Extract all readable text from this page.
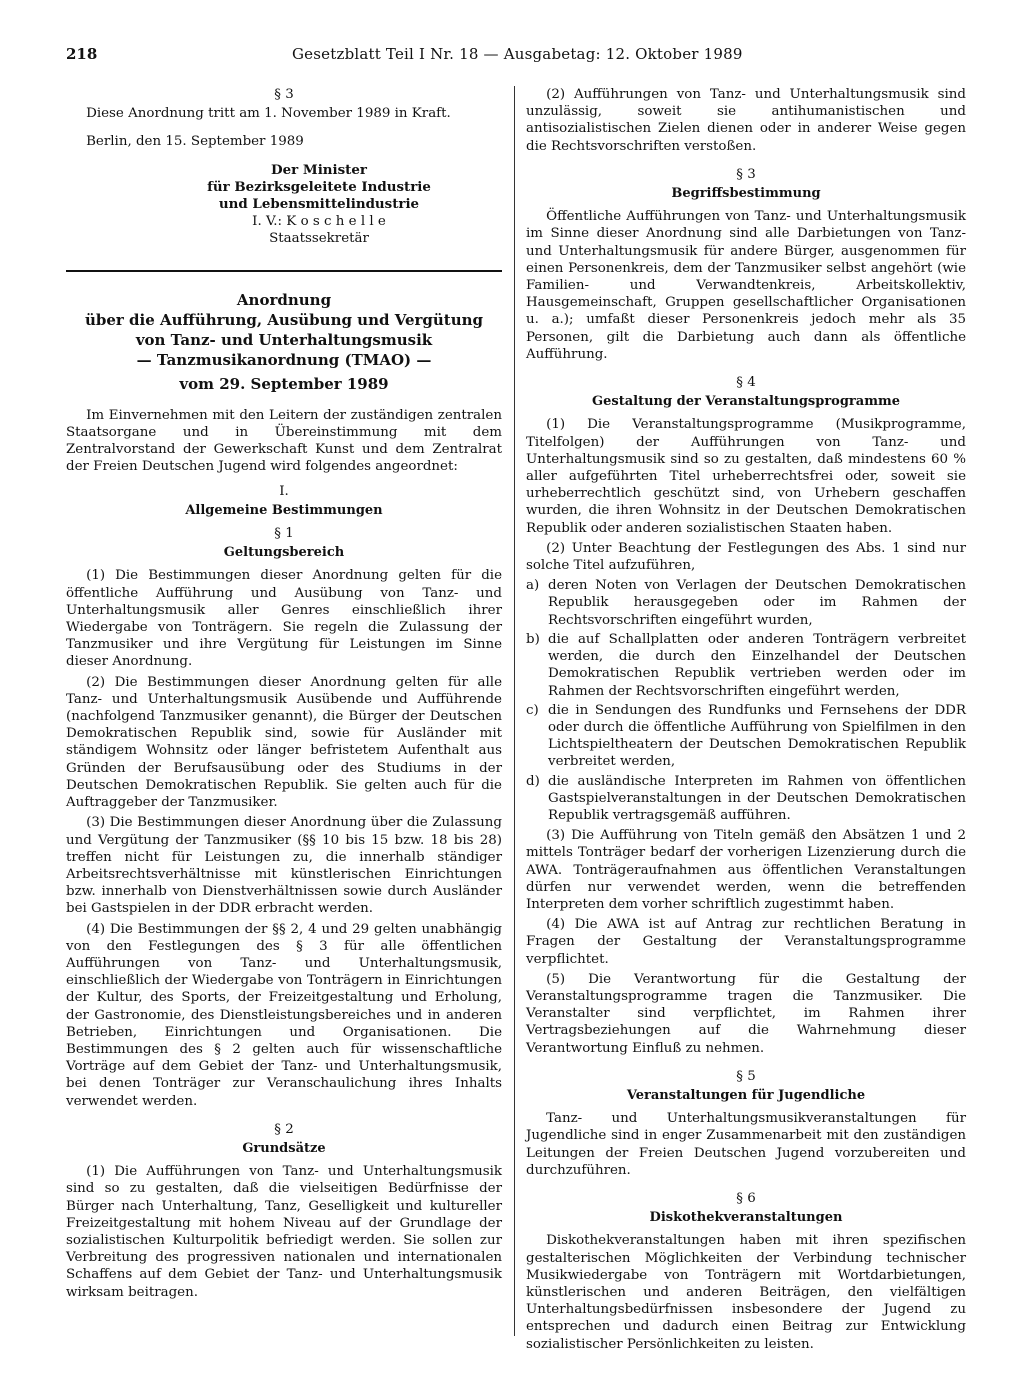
218	Gesetzblatt Teil I Nr. 18 — Ausgabetag: 12. Oktober 1989

§ 3

Diese Anordnung tritt am 1. November 1989 in Kraft.

Berlin, den 15. September 1989

Der Minister

für Bezirksgeleitete Industrie

und Lebensmittelindustrie

I. V.: K o s c h e l l e

Staatssekretär

Anordnung
über die Aufführung, Ausübung und Vergütung
von Tanz- und Unterhaltungsmusik
— Tanzmusikanordnung (TMAO) —
vom 29. September 1989

Im Einvernehmen mit den Leitern der zuständigen zentralen Staatsorgane und in Übereinstimmung mit dem Zentralvorstand der Gewerkschaft Kunst und dem Zentralrat der Freien Deutschen Jugend wird folgendes angeordnet:

I.

Allgemeine Bestimmungen

§ 1

Geltungsbereich

(1) Die Bestimmungen dieser Anordnung gelten für die öffentliche Aufführung und Ausübung von Tanz- und Unterhaltungsmusik aller Genres einschließlich ihrer Wiedergabe von Tonträgern. Sie regeln die Zulassung der Tanzmusiker und ihre Vergütung für Leistungen im Sinne dieser Anordnung.

(2) Die Bestimmungen dieser Anordnung gelten für alle Tanz- und Unterhaltungsmusik Ausübende und Aufführende (nachfolgend Tanzmusiker genannt), die Bürger der Deutschen Demokratischen Republik sind, sowie für Ausländer mit ständigem Wohnsitz oder länger befristetem Aufenthalt aus Gründen der Berufsausübung oder des Studiums in der Deutschen Demokratischen Republik. Sie gelten auch für die Auftraggeber der Tanzmusiker.

(3) Die Bestimmungen dieser Anordnung über die Zulassung und Vergütung der Tanzmusiker (§§ 10 bis 15 bzw. 18 bis 28) treffen nicht für Leistungen zu, die innerhalb ständiger Arbeitsrechtsverhältnisse mit künstlerischen Einrichtungen bzw. innerhalb von Dienstverhältnissen sowie durch Ausländer bei Gastspielen in der DDR erbracht werden.

(4) Die Bestimmungen der §§ 2, 4 und 29 gelten unabhängig von den Festlegungen des § 3 für alle öffentlichen Aufführungen von Tanz- und Unterhaltungsmusik, einschließlich der Wiedergabe von Tonträgern in Einrichtungen der Kultur, des Sports, der Freizeitgestaltung und Erholung, der Gastronomie, des Dienstleistungsbereiches und in anderen Betrieben, Einrichtungen und Organisationen. Die Bestimmungen des § 2 gelten auch für wissenschaftliche Vorträge auf dem Gebiet der Tanz- und Unterhaltungsmusik, bei denen Tonträger zur Veranschaulichung ihres Inhalts verwendet werden.

§ 2

Grundsätze

(1) Die Aufführungen von Tanz- und Unterhaltungsmusik sind so zu gestalten, daß die vielseitigen Bedürfnisse der Bürger nach Unterhaltung, Tanz, Geselligkeit und kultureller Freizeitgestaltung mit hohem Niveau auf der Grundlage der sozialistischen Kulturpolitik befriedigt werden. Sie sollen zur Verbreitung des progressiven nationalen und internationalen Schaffens auf dem Gebiet der Tanz- und Unterhaltungsmusik wirksam beitragen.

(2) Aufführungen von Tanz- und Unterhaltungsmusik sind unzulässig, soweit sie antihumanistischen und antisozialistischen Zielen dienen oder in anderer Weise gegen die Rechtsvorschriften verstoßen.

§ 3

Begriffsbestimmung

Öffentliche Aufführungen von Tanz- und Unterhaltungsmusik im Sinne dieser Anordnung sind alle Darbietungen von Tanz- und Unterhaltungsmusik für andere Bürger, ausgenommen für einen Personenkreis, dem der Tanzmusiker selbst angehört (wie Familien- und Verwandtenkreis, Arbeitskollektiv, Hausgemeinschaft, Gruppen gesellschaftlicher Organisationen u. a.); umfaßt dieser Personenkreis jedoch mehr als 35 Personen, gilt die Darbietung auch dann als öffentliche Aufführung.

§ 4

Gestaltung der Veranstaltungsprogramme

(1) Die Veranstaltungsprogramme (Musikprogramme, Titelfolgen) der Aufführungen von Tanz- und Unterhaltungsmusik sind so zu gestalten, daß mindestens 60 % aller aufgeführten Titel urheberrechtsfrei oder, soweit sie urheberrechtlich geschützt sind, von Urhebern geschaffen wurden, die ihren Wohnsitz in der Deutschen Demokratischen Republik oder anderen sozialistischen Staaten haben.

(2) Unter Beachtung der Festlegungen des Abs. 1 sind nur solche Titel aufzuführen,

a) deren Noten von Verlagen der Deutschen Demokratischen Republik herausgegeben oder im Rahmen der Rechtsvorschriften eingeführt wurden,
b) die auf Schallplatten oder anderen Tonträgern verbreitet werden, die durch den Einzelhandel der Deutschen Demokratischen Republik vertrieben werden oder im Rahmen der Rechtsvorschriften eingeführt werden,
c) die in Sendungen des Rundfunks und Fernsehens der DDR oder durch die öffentliche Aufführung von Spielfilmen in den Lichtspieltheatern der Deutschen Demokratischen Republik verbreitet werden,
d) die ausländische Interpreten im Rahmen von öffentlichen Gastspielveranstaltungen in der Deutschen Demokratischen Republik vertragsgemäß aufführen.

(3) Die Aufführung von Titeln gemäß den Absätzen 1 und 2 mittels Tonträger bedarf der vorherigen Lizenzierung durch die AWA. Tonträgeraufnahmen aus öffentlichen Veranstaltungen dürfen nur verwendet werden, wenn die betreffenden Interpreten dem vorher schriftlich zugestimmt haben.

(4) Die AWA ist auf Antrag zur rechtlichen Beratung in Fragen der Gestaltung der Veranstaltungsprogramme verpflichtet.

(5) Die Verantwortung für die Gestaltung der Veranstaltungsprogramme tragen die Tanzmusiker. Die Veranstalter sind verpflichtet, im Rahmen ihrer Vertragsbeziehungen auf die Wahrnehmung dieser Verantwortung Einfluß zu nehmen.

§ 5

Veranstaltungen für Jugendliche

Tanz- und Unterhaltungsmusikveranstaltungen für Jugendliche sind in enger Zusammenarbeit mit den zuständigen Leitungen der Freien Deutschen Jugend vorzubereiten und durchzuführen.

§ 6

Diskothekveranstaltungen

Diskothekveranstaltungen haben mit ihren spezifischen gestalterischen Möglichkeiten der Verbindung technischer Musikwiedergabe von Tonträgern mit Wortdarbietungen, künstlerischen und anderen Beiträgen, den vielfältigen Unterhaltungsbedürfnissen insbesondere der Jugend zu entsprechen und dadurch einen Beitrag zur Entwicklung sozialistischer Persönlichkeiten zu leisten.
